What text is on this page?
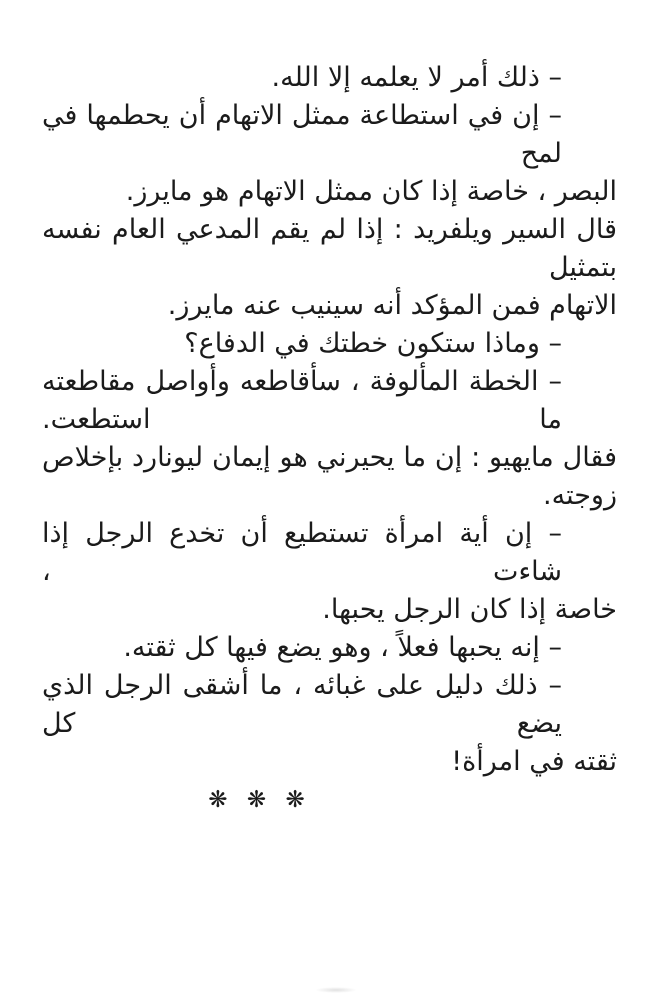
– ذلك أمر لا يعلمه إلا الله.

– إن في استطاعة ممثل الاتهام أن يحطمها في لمح
البصر ، خاصة إذا كان ممثل الاتهام هو مايرز.

قال السير ويلفريد : إذا لم يقم المدعي العام نفسه بتمثيل
الاتهام فمن المؤكد أنه سينيب عنه مايرز.

– وماذا ستكون خطتك في الدفاع؟

– الخطة المألوفة ، سأقاطعه وأواصل مقاطعته ما استطعت.

فقال مايهيو : إن ما يحيرني هو إيمان ليونارد بإخلاص
زوجته.

– إن أية امرأة تستطيع أن تخدع الرجل إذا شاءت ،
خاصة إذا كان الرجل يحبها.

– إنه يحبها فعلاً ، وهو يضع فيها كل ثقته.

– ذلك دليل على غبائه ، ما أشقى الرجل الذي يضع كل
ثقته في امرأة!

❋ ❋ ❋
